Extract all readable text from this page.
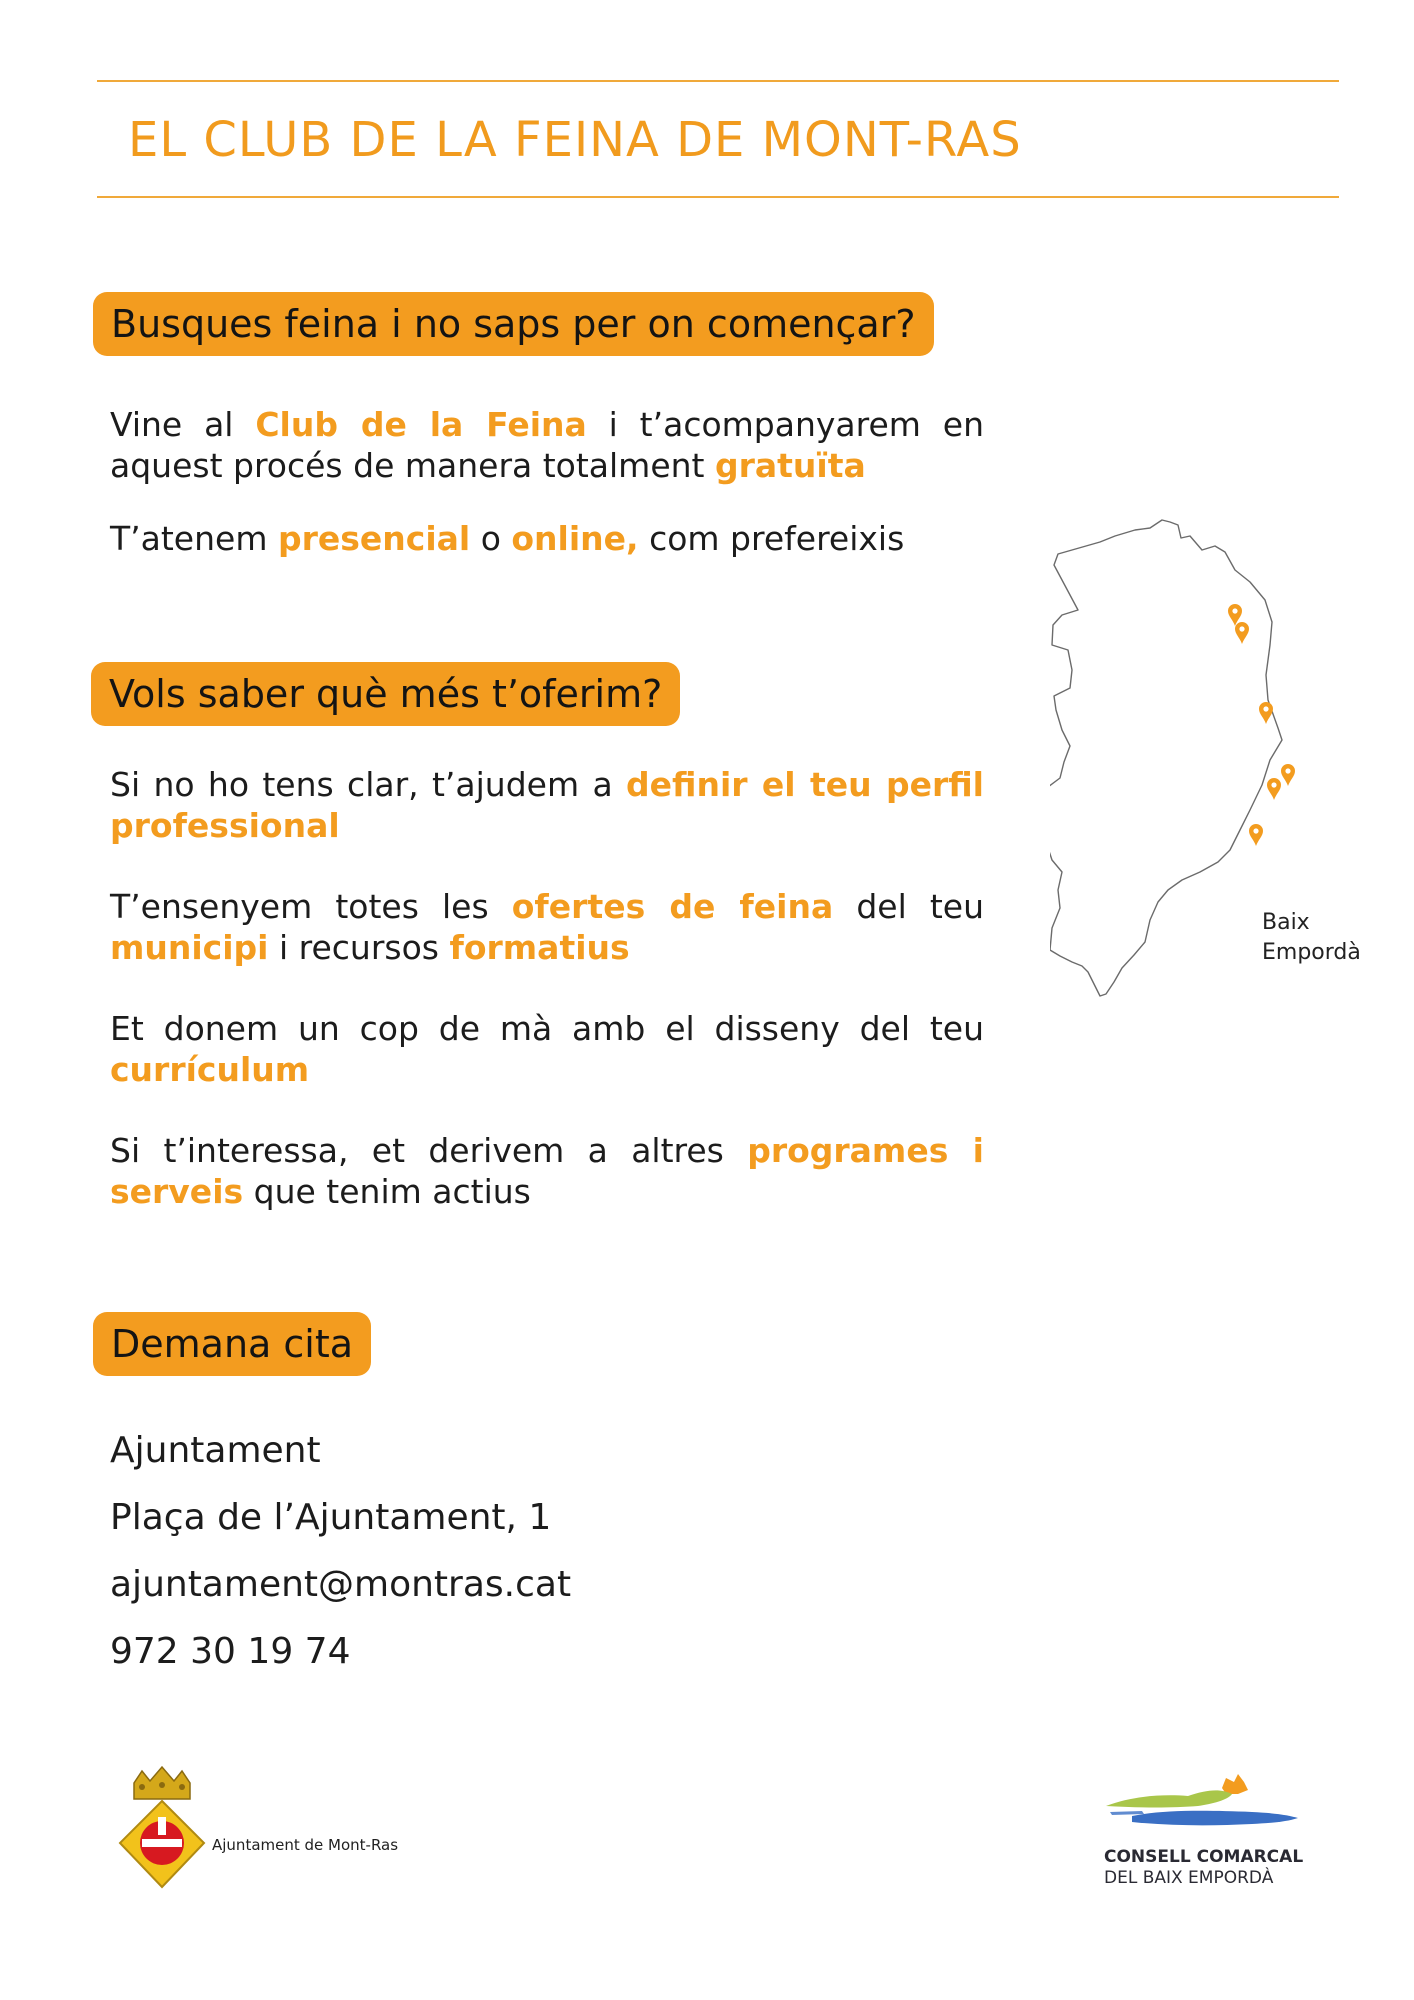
EL CLUB DE LA FEINA DE MONT-RAS
Busques feina i no saps per on començar?

Vine al Club de la Feina i t’acompanyarem en aquest procés de manera totalment gratuïta

T’atenem presencial o online, com prefereixis

Vols saber què més t’oferim?

Si no ho tens clar, t’ajudem a definir el teu perfil professional

T’ensenyem totes les ofertes de feina del teu municipi i recursos formatius

Et donem un cop de mà amb el disseny del teu currículum

Si t’interessa, et derivem a altres programes i serveis que tenim actius

Demana cita

Ajuntament

Plaça de l’Ajuntament, 1

ajuntament@montras.cat

972 30 19 74

Baix
Empordà
Ajuntament de Mont-Ras
CONSELL COMARCAL
DEL BAIX EMPORDÀ
